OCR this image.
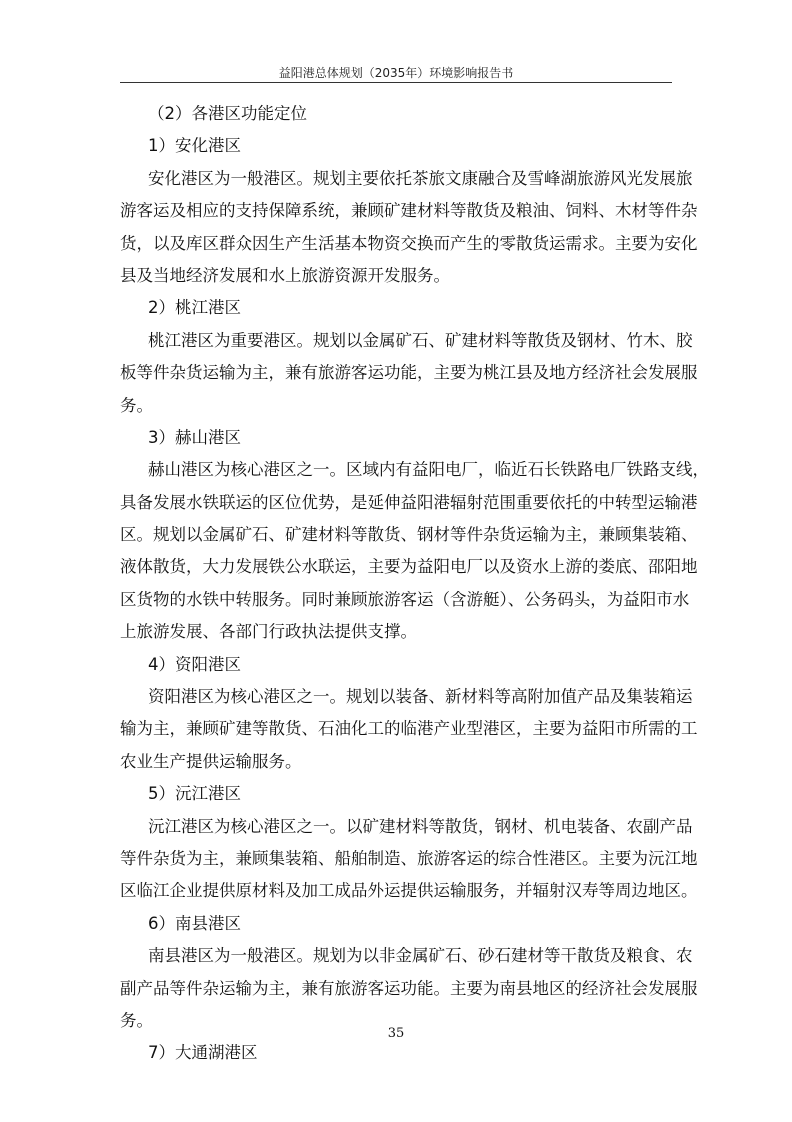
益阳港总体规划（2035年）环境影响报告书
（2）各港区功能定位
1）安化港区
安化港区为一般港区。规划主要依托茶旅文康融合及雪峰湖旅游风光发展旅
游客运及相应的支持保障系统，兼顾矿建材料等散货及粮油、饲料、木材等件杂
货，以及库区群众因生产生活基本物资交换而产生的零散货运需求。主要为安化
县及当地经济发展和水上旅游资源开发服务。
2）桃江港区
桃江港区为重要港区。规划以金属矿石、矿建材料等散货及钢材、竹木、胶
板等件杂货运输为主，兼有旅游客运功能，主要为桃江县及地方经济社会发展服
务。
3）赫山港区
赫山港区为核心港区之一。区域内有益阳电厂，临近石长铁路电厂铁路支线，
具备发展水铁联运的区位优势，是延伸益阳港辐射范围重要依托的中转型运输港
区。规划以金属矿石、矿建材料等散货、钢材等件杂货运输为主，兼顾集装箱、
液体散货，大力发展铁公水联运，主要为益阳电厂以及资水上游的娄底、邵阳地
区货物的水铁中转服务。同时兼顾旅游客运（含游艇）、公务码头，为益阳市水
上旅游发展、各部门行政执法提供支撑。
4）资阳港区
资阳港区为核心港区之一。规划以装备、新材料等高附加值产品及集装箱运
输为主，兼顾矿建等散货、石油化工的临港产业型港区，主要为益阳市所需的工
农业生产提供运输服务。
5）沅江港区
沅江港区为核心港区之一。以矿建材料等散货，钢材、机电装备、农副产品
等件杂货为主，兼顾集装箱、船舶制造、旅游客运的综合性港区。主要为沅江地
区临江企业提供原材料及加工成品外运提供运输服务，并辐射汉寿等周边地区。
6）南县港区
南县港区为一般港区。规划为以非金属矿石、砂石建材等干散货及粮食、农
副产品等件杂运输为主，兼有旅游客运功能。主要为南县地区的经济社会发展服
务。
7）大通湖港区
35
